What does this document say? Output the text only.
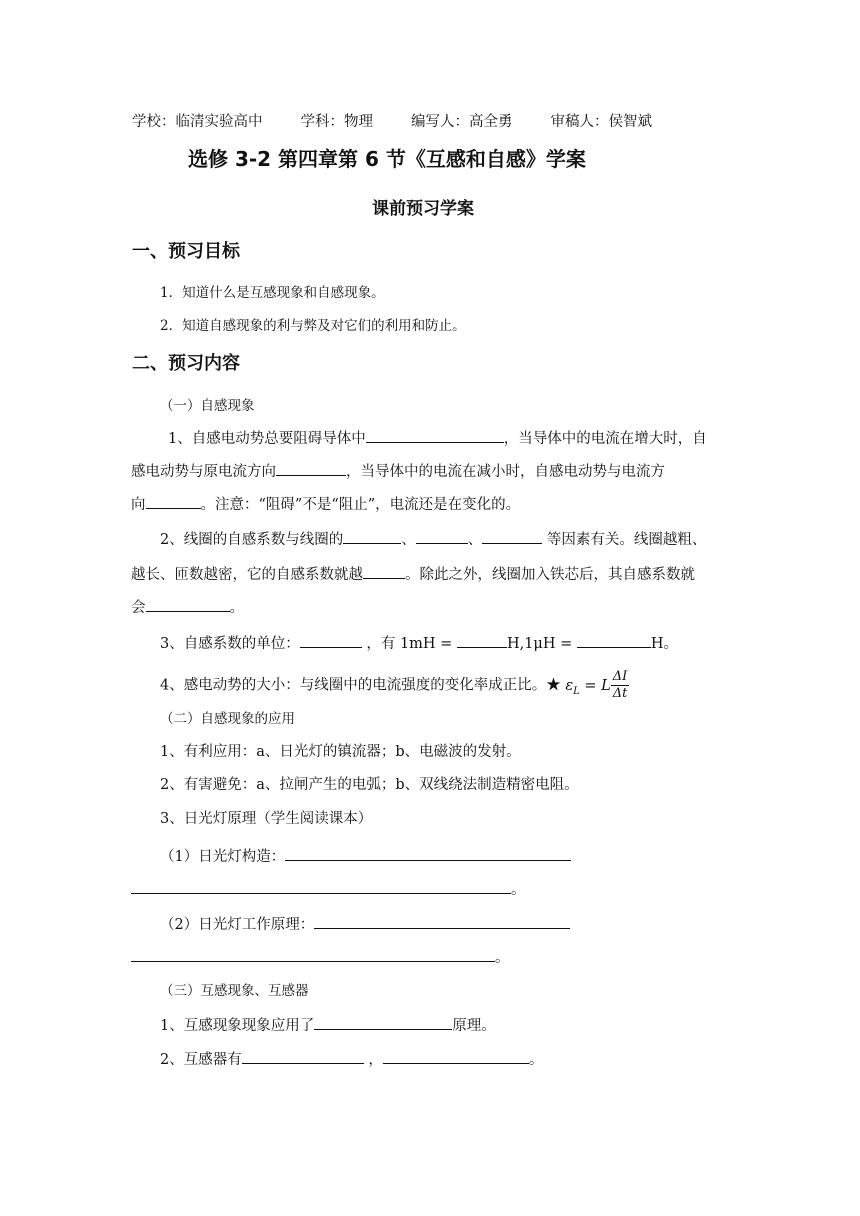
学校：临清实验高中	学科：物理	编写人：高全勇	审稿人：侯智斌
选修 3-2 第四章第 6 节《互感和自感》学案
课前预习学案
一、预习目标
1．知道什么是互感现象和自感现象。
2．知道自感现象的利与弊及对它们的利用和防止。
二、预习内容
（一）自感现象
1、自感电动势总要阻碍导体中	，当导体中的电流在增大时，自
感电动势与原电流方向	，当导体中的电流在减小时，自感电动势与电流方
向	。注意：“阻碍”不是“阻止”，电流还是在变化的。
2、线圈的自感系数与线圈的	、	、	等因素有关。线圈越粗、
越长、匝数越密，它的自感系数就越	。除此之外，线圈加入铁芯后，其自感系数就
会	。
3、自感系数的单位：	，有 1mH =	H,1μH =	H。
4、感电动势的大小：与线圈中的电流强度的变化率成正比。★ $\varepsilon_L = L \frac{\Delta I}{\Delta t}$
（二）自感现象的应用
1、有利应用：a、日光灯的镇流器；b、电磁波的发射。
2、有害避免：a、拉闸产生的电弧；b、双线绕法制造精密电阻。
3、日光灯原理（学生阅读课本）
（1）日光灯构造：
。
（2）日光灯工作原理：
。
（三）互感现象、互感器
1、互感现象现象应用了	原理。
2、互感器有	，	。
